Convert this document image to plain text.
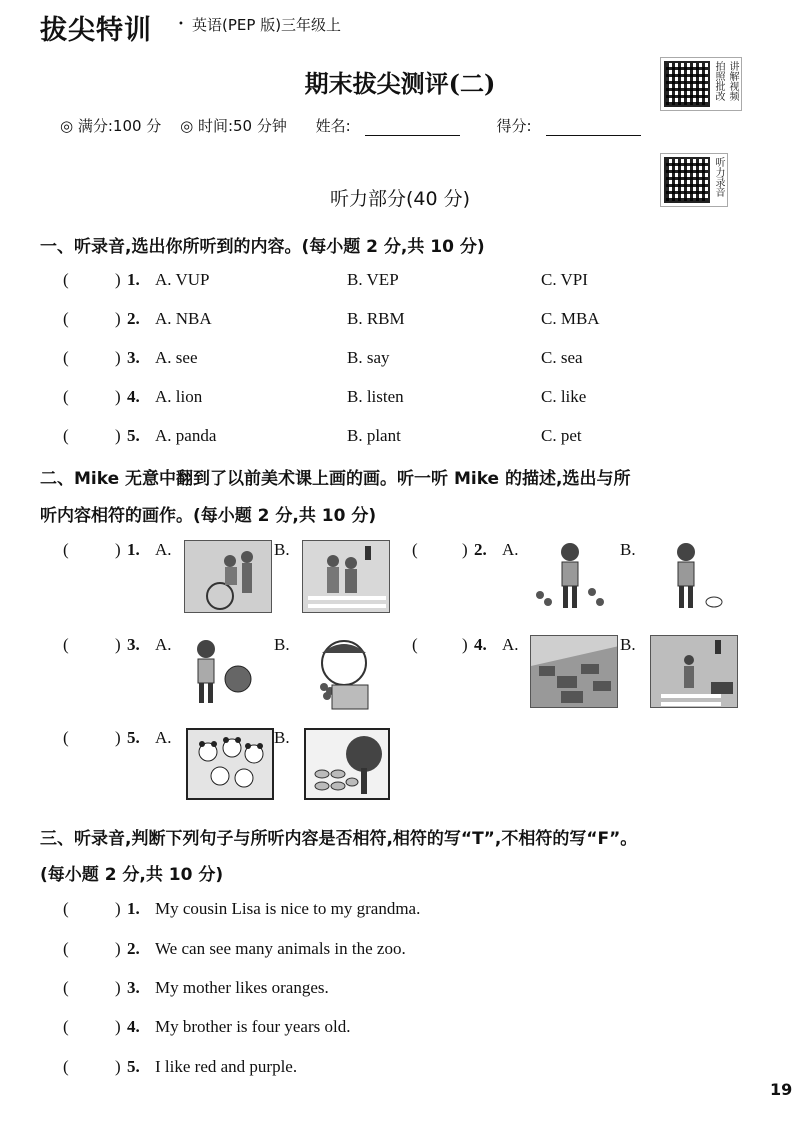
拔尖特训	• 英语(PEP 版)三年级上
期末拔尖测评(二)	拍照批改 讲解视频
听力录音
◎ 满分:100 分 ◎ 时间:50 分钟 姓名:	得分:
听力部分(40 分)
一、听录音,选出你所听到的内容。(每小题 2 分,共 10 分)
(	) 1. A. VUP	B. VEP	C. VPI
(	) 2. A. NBA	B. RBM	C. MBA
(	) 3. A. see	B. say	C. sea
(	) 4. A. lion	B. listen	C. like
(	) 5. A. panda	B. plant	C. pet
二、Mike 无意中翻到了以前美术课上画的画。听一听 Mike 的描述,选出与所
听内容相符的画作。(每小题 2 分,共 10 分)
(	) 1. A.	B.	(	) 2. A.	B.
(	) 3. A.	B.	(	) 4. A.	B.
(	) 5. A.	B.
三、听录音,判断下列句子与所听内容是否相符,相符的写“T”,不相符的写“F”。
(每小题 2 分,共 10 分)
(	) 1. My cousin Lisa is nice to my grandma.
(	) 2. We can see many animals in the zoo.
(	) 3. My mother likes oranges.
(	) 4. My brother is four years old.
(	) 5. I like red and purple.
19
